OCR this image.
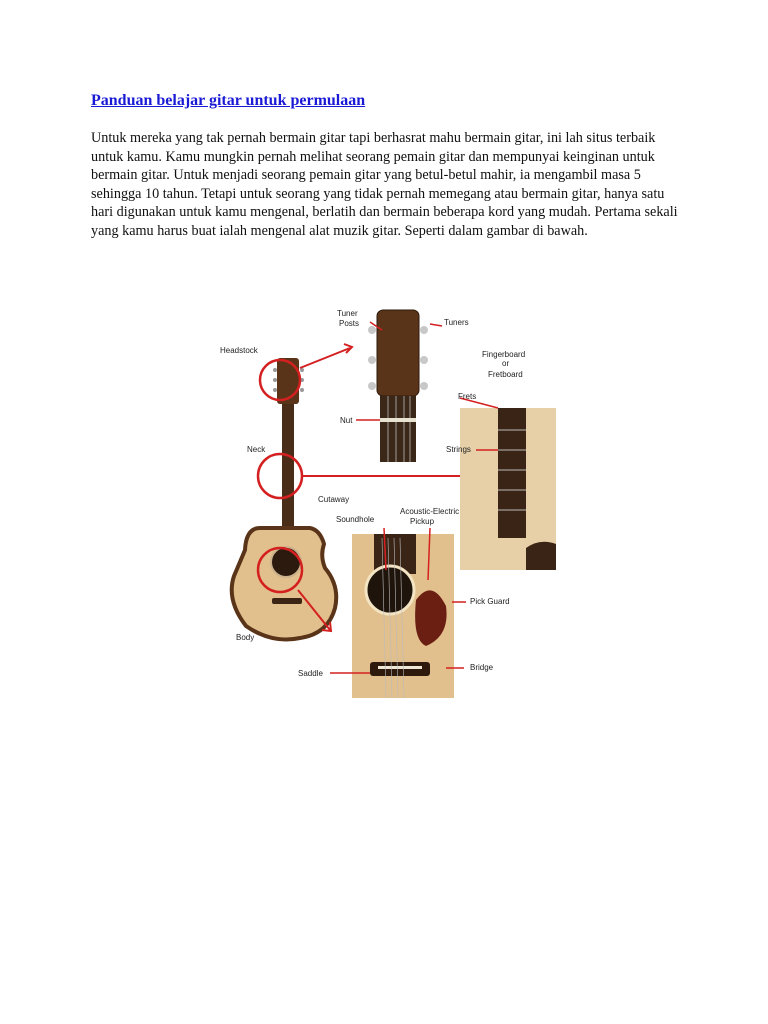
Panduan belajar gitar untuk permulaan

Untuk mereka yang tak pernah bermain gitar tapi berhasrat mahu bermain gitar, ini lah situs terbaik untuk kamu. Kamu mungkin pernah melihat seorang pemain gitar dan mempunyai keinginan untuk bermain gitar. Untuk menjadi seorang pemain gitar yang betul-betul mahir, ia mengambil masa 5 sehingga 10 tahun. Tetapi untuk seorang yang tidak pernah memegang atau bermain gitar, hanya satu hari digunakan untuk kamu mengenal, berlatih dan bermain beberapa kord yang mudah. Pertama sekali yang kamu harus buat ialah mengenal alat muzik gitar. Seperti dalam gambar di bawah.

Tuner
Posts	Tuners
Headstock	Fingerboard
or
Fretboard
Frets
Nut
Neck	Strings
Cutaway
Soundhole
Acoustic-Electric
Pickup
Pick Guard
Body
Bridge
Saddle
